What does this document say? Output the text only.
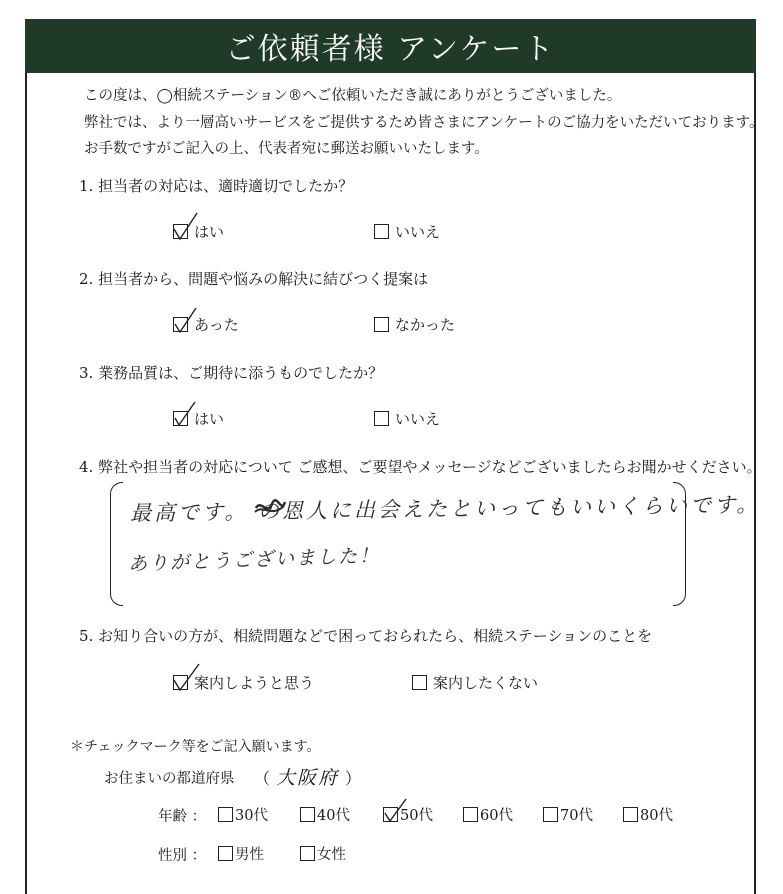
ご依頼者様 アンケート
この度は、◯相続ステーション®へご依頼いただき誠にありがとうございました。
弊社では、より一層高いサービスをご提供するため皆さまにアンケートのご協力をいただいております。
お手数ですがご記入の上、代表者宛に郵送お願いいたします。
1. 担当者の対応は、適時適切でしたか？
はい	いいえ
2. 担当者から、問題や悩みの解決に結びつく提案は
あった	なかった
3. 業務品質は、ご期待に添うものでしたか？
はい	いいえ
4. 弊社や担当者の対応について ご感想、ご要望やメッセージなどございましたらお聞かせください。
最高です。 の恩人に出会えたといってもいいくらいです。
ありがとうございました！
5. お知り合いの方が、相続問題などで困っておられたら、相続ステーションのことを
案内しようと思う	案内したくない
＊チェックマーク等をご記入願います。
お住まいの都道府県 （ 大阪府 ）
年齢 ： 30代	40代	50代	60代	70代	80代
性別 ： 男性	女性
